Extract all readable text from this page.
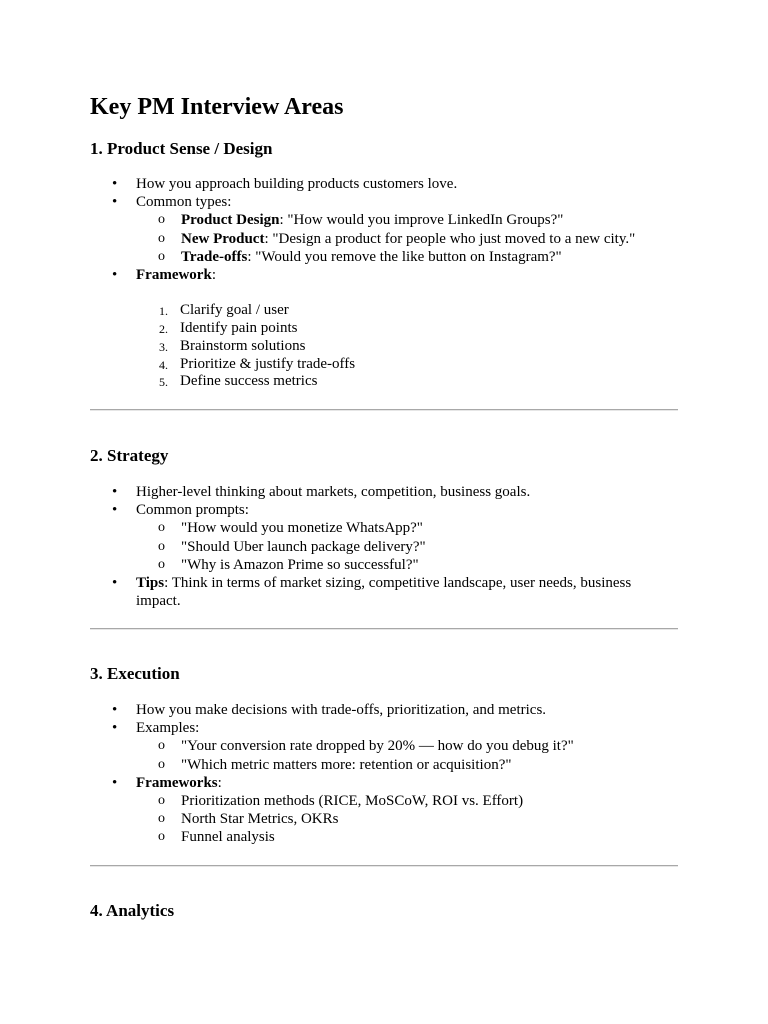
Key PM Interview Areas
1. Product Sense / Design
• How you approach building products customers love.
• Common types:
o Product Design: "How would you improve LinkedIn Groups?"
o New Product: "Design a product for people who just moved to a new city."
o Trade-offs: "Would you remove the like button on Instagram?"
• Framework:
1. Clarify goal / user
2. Identify pain points
3. Brainstorm solutions
4. Prioritize & justify trade-offs
5. Define success metrics
2. Strategy
• Higher-level thinking about markets, competition, business goals.
• Common prompts:
o "How would you monetize WhatsApp?"
o "Should Uber launch package delivery?"
o "Why is Amazon Prime so successful?"
• Tips: Think in terms of market sizing, competitive landscape, user needs, business impact.
3. Execution
• How you make decisions with trade-offs, prioritization, and metrics.
• Examples:
o "Your conversion rate dropped by 20% — how do you debug it?"
o "Which metric matters more: retention or acquisition?"
• Frameworks:
o Prioritization methods (RICE, MoSCoW, ROI vs. Effort)
o North Star Metrics, OKRs
o Funnel analysis
4. Analytics
